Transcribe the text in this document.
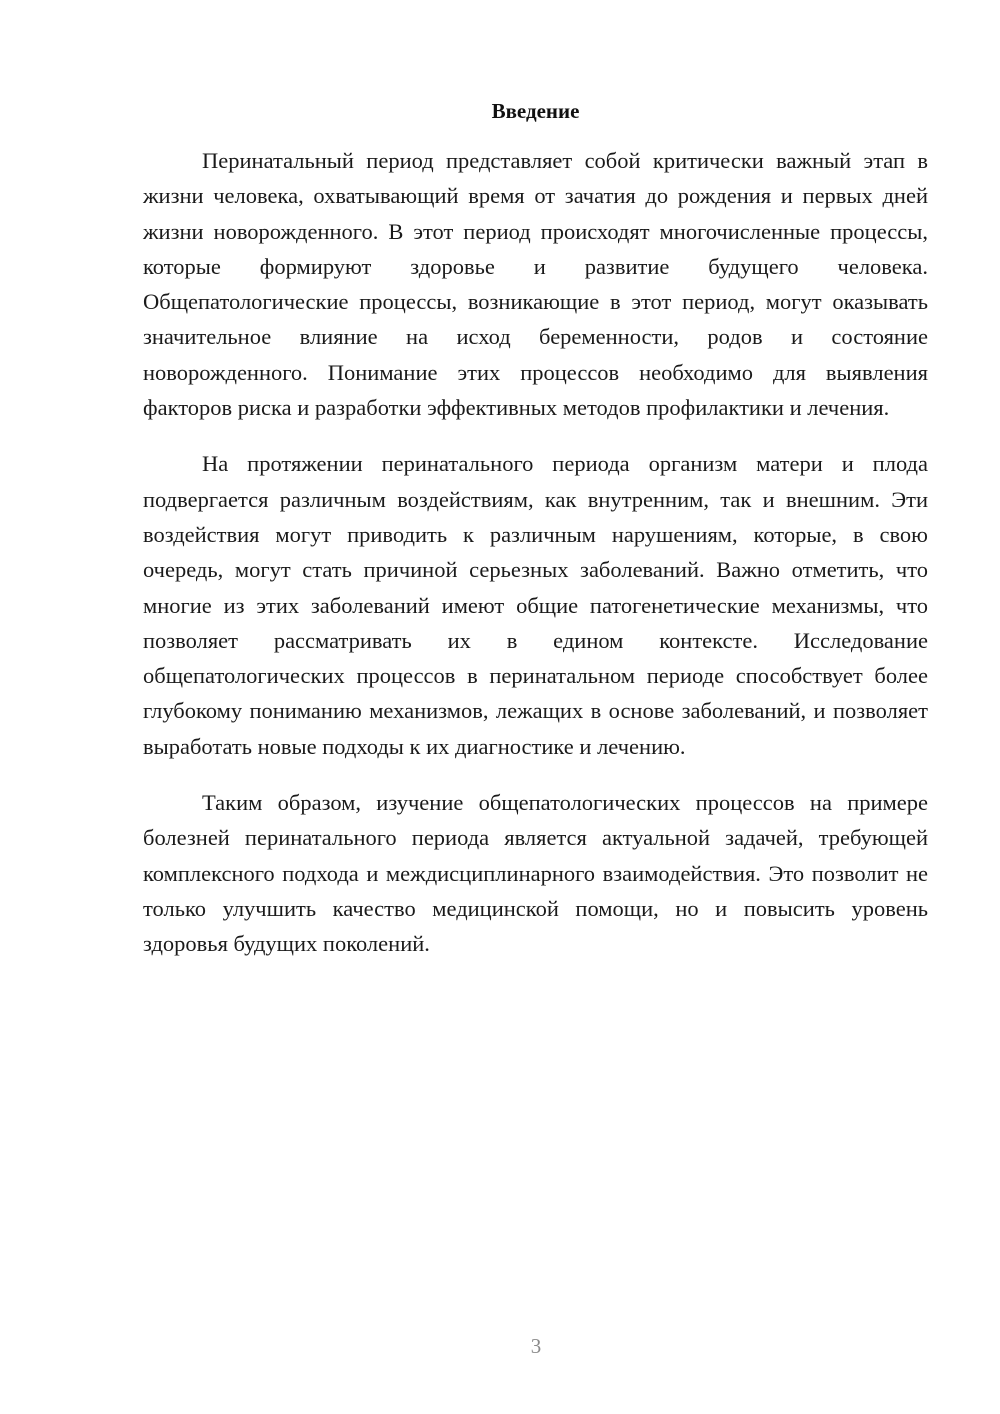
Введение

Перинатальный период представляет собой критически важный этап в жизни человека, охватывающий время от зачатия до рождения и первых дней жизни новорожденного. В этот период происходят многочисленные процессы, которые формируют здоровье и развитие будущего человека. Общепатологические процессы, возникающие в этот период, могут оказывать значительное влияние на исход беременности, родов и состояние новорожденного. Понимание этих процессов необходимо для выявления факторов риска и разработки эффективных методов профилактики и лечения.

На протяжении перинатального периода организм матери и плода подвергается различным воздействиям, как внутренним, так и внешним. Эти воздействия могут приводить к различным нарушениям, которые, в свою очередь, могут стать причиной серьезных заболеваний. Важно отметить, что многие из этих заболеваний имеют общие патогенетические механизмы, что позволяет рассматривать их в едином контексте. Исследование общепатологических процессов в перинатальном периоде способствует более глубокому пониманию механизмов, лежащих в основе заболеваний, и позволяет выработать новые подходы к их диагностике и лечению.

Таким образом, изучение общепатологических процессов на примере болезней перинатального периода является актуальной задачей, требующей комплексного подхода и междисциплинарного взаимодействия. Это позволит не только улучшить качество медицинской помощи, но и повысить уровень здоровья будущих поколений.

3
